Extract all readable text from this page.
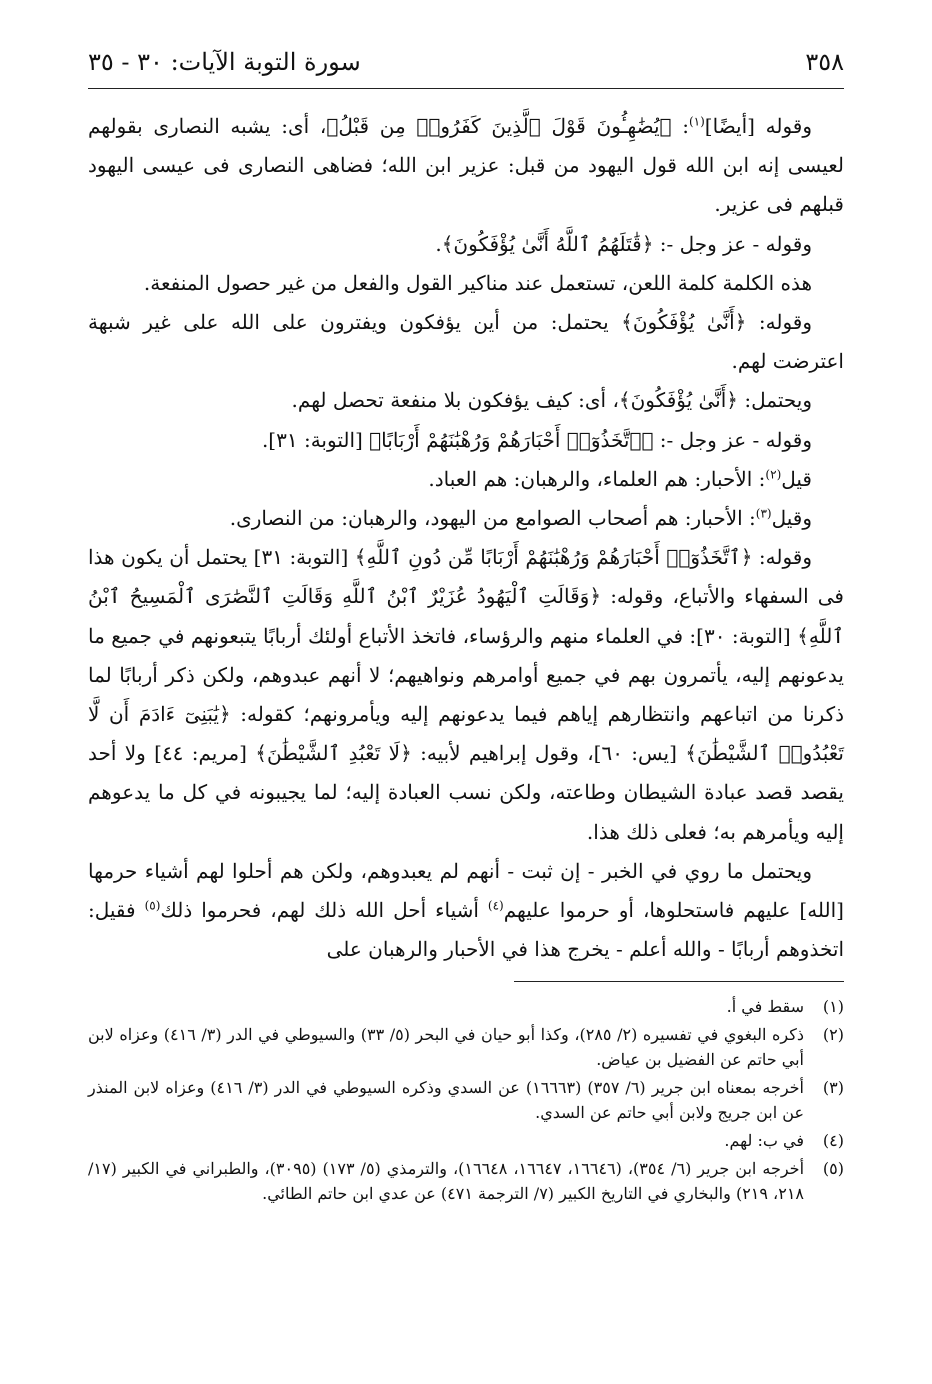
٣٥٨
سورة التوبة الآيات: ٣٠ - ٣٥

وقوله [أيضًا]$^{(١)}$: ﴿يُضَٰهِـُٔونَ قَوْلَ ٱلَّذِينَ كَفَرُوا۟ مِن قَبْلُ﴾، أى: يشبه النصارى بقولهم لعيسى إنه ابن الله قول اليهود من قبل: عزير ابن الله؛ فضاهى النصارى فى عيسى اليهود قبلهم فى عزير.

وقوله - عز وجل -: ﴿قَٰتَلَهُمُ ٱللَّهُ أَنَّىٰ يُؤْفَكُونَ﴾.

هذه الكلمة كلمة اللعن، تستعمل عند مناكير القول والفعل من غير حصول المنفعة.

وقوله: ﴿أَنَّىٰ يُؤْفَكُونَ﴾ يحتمل: من أين يؤفكون ويفترون على الله على غير شبهة اعترضت لهم.

ويحتمل: ﴿أَنَّىٰ يُؤْفَكُونَ﴾، أى: كيف يؤفكون بلا منفعة تحصل لهم.

وقوله - عز وجل -: ﴿ٱتَّخَذُوٓا۟ أَحْبَارَهُمْ وَرُهْبَٰنَهُمْ أَرْبَابًا﴾ [التوبة: ٣١].

قيل$^{(٢)}$: الأحبار: هم العلماء، والرهبان: هم العباد.

وقيل$^{(٣)}$: الأحبار: هم أصحاب الصوامع من اليهود، والرهبان: من النصارى.

وقوله: ﴿ٱتَّخَذُوٓا۟ أَحْبَارَهُمْ وَرُهْبَٰنَهُمْ أَرْبَابًا مِّن دُونِ ٱللَّهِ﴾ [التوبة: ٣١] يحتمل أن يكون هذا فى السفهاء والأتباع، وقوله: ﴿وَقَالَتِ ٱلْيَهُودُ عُزَيْرٌ ٱبْنُ ٱللَّهِ وَقَالَتِ ٱلنَّصَٰرَى ٱلْمَسِيحُ ٱبْنُ ٱللَّهِ﴾ [التوبة: ٣٠]: في العلماء منهم والرؤساء، فاتخذ الأتباع أولئك أربابًا يتبعونهم في جميع ما يدعونهم إليه، يأتمرون بهم في جميع أوامرهم ونواهيهم؛ لا أنهم عبدوهم، ولكن ذكر أربابًا لما ذكرنا من اتباعهم وانتظارهم إياهم فيما يدعونهم إليه ويأمرونهم؛ كقوله: ﴿يَٰبَنِىٓ ءَادَمَ أَن لَّا تَعْبُدُوا۟ ٱلشَّيْطَٰنَ﴾ [يس: ٦٠]، وقول إبراهيم لأبيه: ﴿لَا تَعْبُدِ ٱلشَّيْطَٰنَ﴾ [مريم: ٤٤] ولا أحد يقصد قصد عبادة الشيطان وطاعته، ولكن نسب العبادة إليه؛ لما يجيبونه في كل ما يدعوهم إليه ويأمرهم به؛ فعلى ذلك هذا.

ويحتمل ما روي في الخبر - إن ثبت - أنهم لم يعبدوهم، ولكن هم أحلوا لهم أشياء حرمها [الله] عليهم فاستحلوها، أو حرموا عليهم$^{(٤)}$ أشياء أحل الله ذلك لهم، فحرموا ذلك$^{(٥)}$ فقيل: اتخذوهم أربابًا - والله أعلم - يخرج هذا في الأحبار والرهبان على

(١)
سقط في أ.
(٢)
ذكره البغوي في تفسيره (٢/ ٢٨٥)، وكذا أبو حيان في البحر (٥/ ٣٣) والسيوطي في الدر (٣/ ٤١٦) وعزاه لابن أبي حاتم عن الفضيل بن عياض.
(٣)
أخرجه بمعناه ابن جرير (٦/ ٣٥٧) (١٦٦٦٣) عن السدي وذكره السيوطي في الدر (٣/ ٤١٦) وعزاه لابن المنذر عن ابن جريج ولابن أبي حاتم عن السدي.
(٤)
في ب: لهم.
(٥)
أخرجه ابن جرير (٦/ ٣٥٤)، (١٦٦٤٦، ١٦٦٤٧، ١٦٦٤٨)، والترمذي (٥/ ١٧٣) (٣٠٩٥)، والطبراني في الكبير (١٧/ ٢١٨، ٢١٩) والبخاري في التاريخ الكبير (٧/ الترجمة ٤٧١) عن عدي ابن حاتم الطائي.
